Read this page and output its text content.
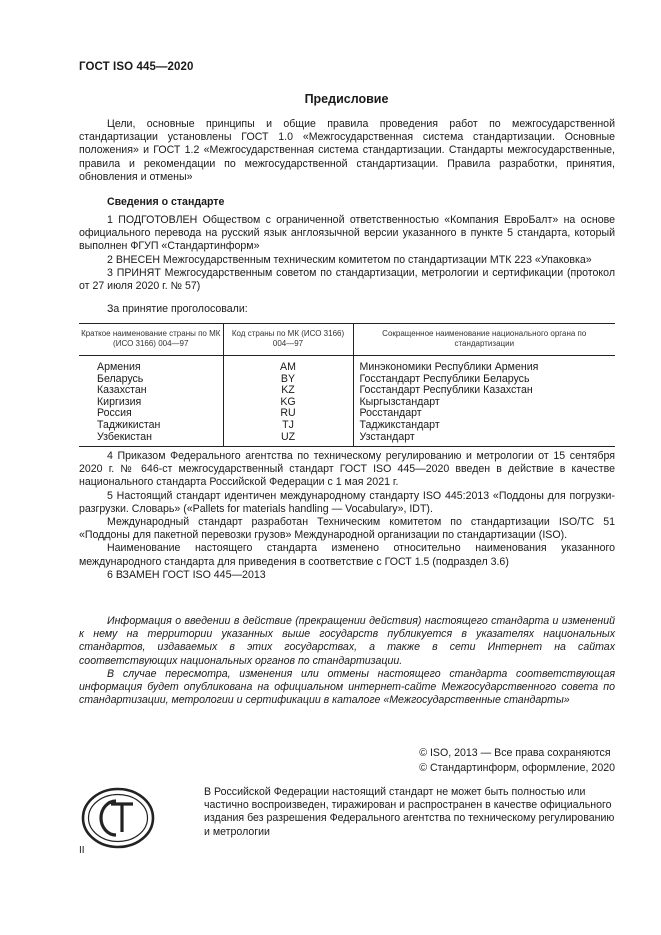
ГОСТ ISO 445—2020
Предисловие

Цели, основные принципы и общие правила проведения работ по межгосударственной стандартизации установлены ГОСТ 1.0 «Межгосударственная система стандартизации. Основные положения» и ГОСТ 1.2 «Межгосударственная система стандартизации. Стандарты межгосударственные, правила и рекомендации по межгосударственной стандартизации. Правила разработки, принятия, обновления и отмены»

Сведения о стандарте

1 ПОДГОТОВЛЕН Обществом с ограниченной ответственностью «Компания ЕвроБалт» на основе официального перевода на русский язык англоязычной версии указанного в пункте 5 стандарта, который выполнен ФГУП «Стандартинформ»

2 ВНЕСЕН Межгосударственным техническим комитетом по стандартизации МТК 223 «Упаковка»

3 ПРИНЯТ Межгосударственным советом по стандартизации, метрологии и сертификации (протокол от 27 июля 2020 г. № 57)

За принятие проголосовали:

Краткое наименование страны по МК (ИСО 3166) 004—97	Код страны по МК (ИСО 3166) 004—97	Сокращенное наименование национального органа по стандартизации
Армения	AM	Минэкономики Республики Армения
Беларусь	BY	Госстандарт Республики Беларусь
Казахстан	KZ	Госстандарт Республики Казахстан
Киргизия	KG	Кыргызстандарт
Россия	RU	Росстандарт
Таджикистан	TJ	Таджикстандарт
Узбекистан	UZ	Узстандарт

4 Приказом Федерального агентства по техническому регулированию и метрологии от 15 сентября 2020 г. № 646-ст межгосударственный стандарт ГОСТ ISO 445—2020 введен в действие в качестве национального стандарта Российской Федерации с 1 мая 2021 г.

5 Настоящий стандарт идентичен международному стандарту ISO 445:2013 «Поддоны для погрузки-разгрузки. Словарь» («Pallets for materials handling — Vocabulary», IDT).

Международный стандарт разработан Техническим комитетом по стандартизации ISO/TC 51 «Поддоны для пакетной перевозки грузов» Международной организации по стандартизации (ISO).

Наименование настоящего стандарта изменено относительно наименования указанного международного стандарта для приведения в соответствие с ГОСТ 1.5 (подраздел 3.6)

6 ВЗАМЕН ГОСТ ISO 445—2013

Информация о введении в действие (прекращении действия) настоящего стандарта и изменений к нему на территории указанных выше государств публикуется в указателях национальных стандартов, издаваемых в этих государствах, а также в сети Интернет на сайтах соответствующих национальных органов по стандартизации.

В случае пересмотра, изменения или отмены настоящего стандарта соответствующая информация будет опубликована на официальном интернет-сайте Межгосударственного совета по стандартизации, метрологии и сертификации в каталоге «Межгосударственные стандарты»

© ISO, 2013 — Все права сохраняются
© Стандартинформ, оформление, 2020

В Российской Федерации настоящий стандарт не может быть полностью или частично воспроизведен, тиражирован и распространен в качестве официального издания без разрешения Федерального агентства по техническому регулированию и метрологии

II
